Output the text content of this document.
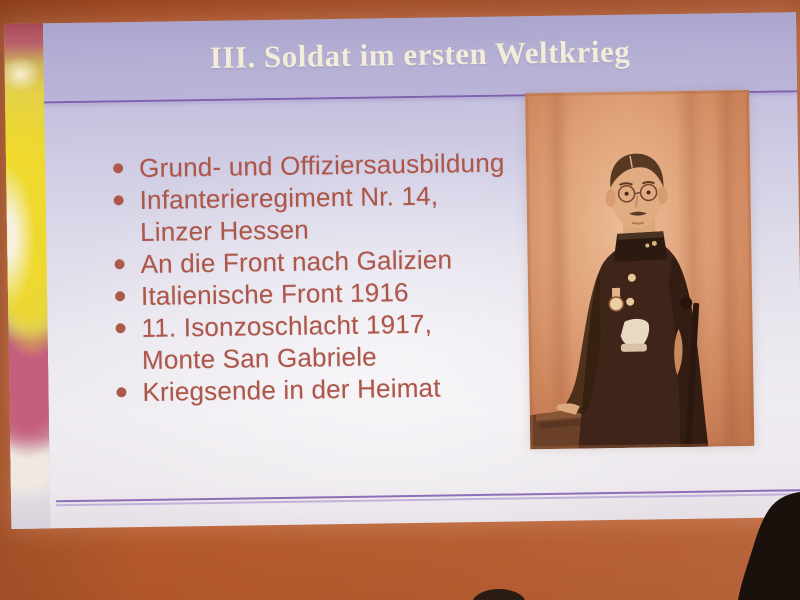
III. Soldat im ersten Weltkrieg
Grund- und Offiziersausbildung
Infanterieregiment Nr. 14,
Linzer Hessen
An die Front nach Galizien
Italienische Front 1916
11. Isonzoschlacht 1917,
Monte San Gabriele
Kriegsende in der Heimat
